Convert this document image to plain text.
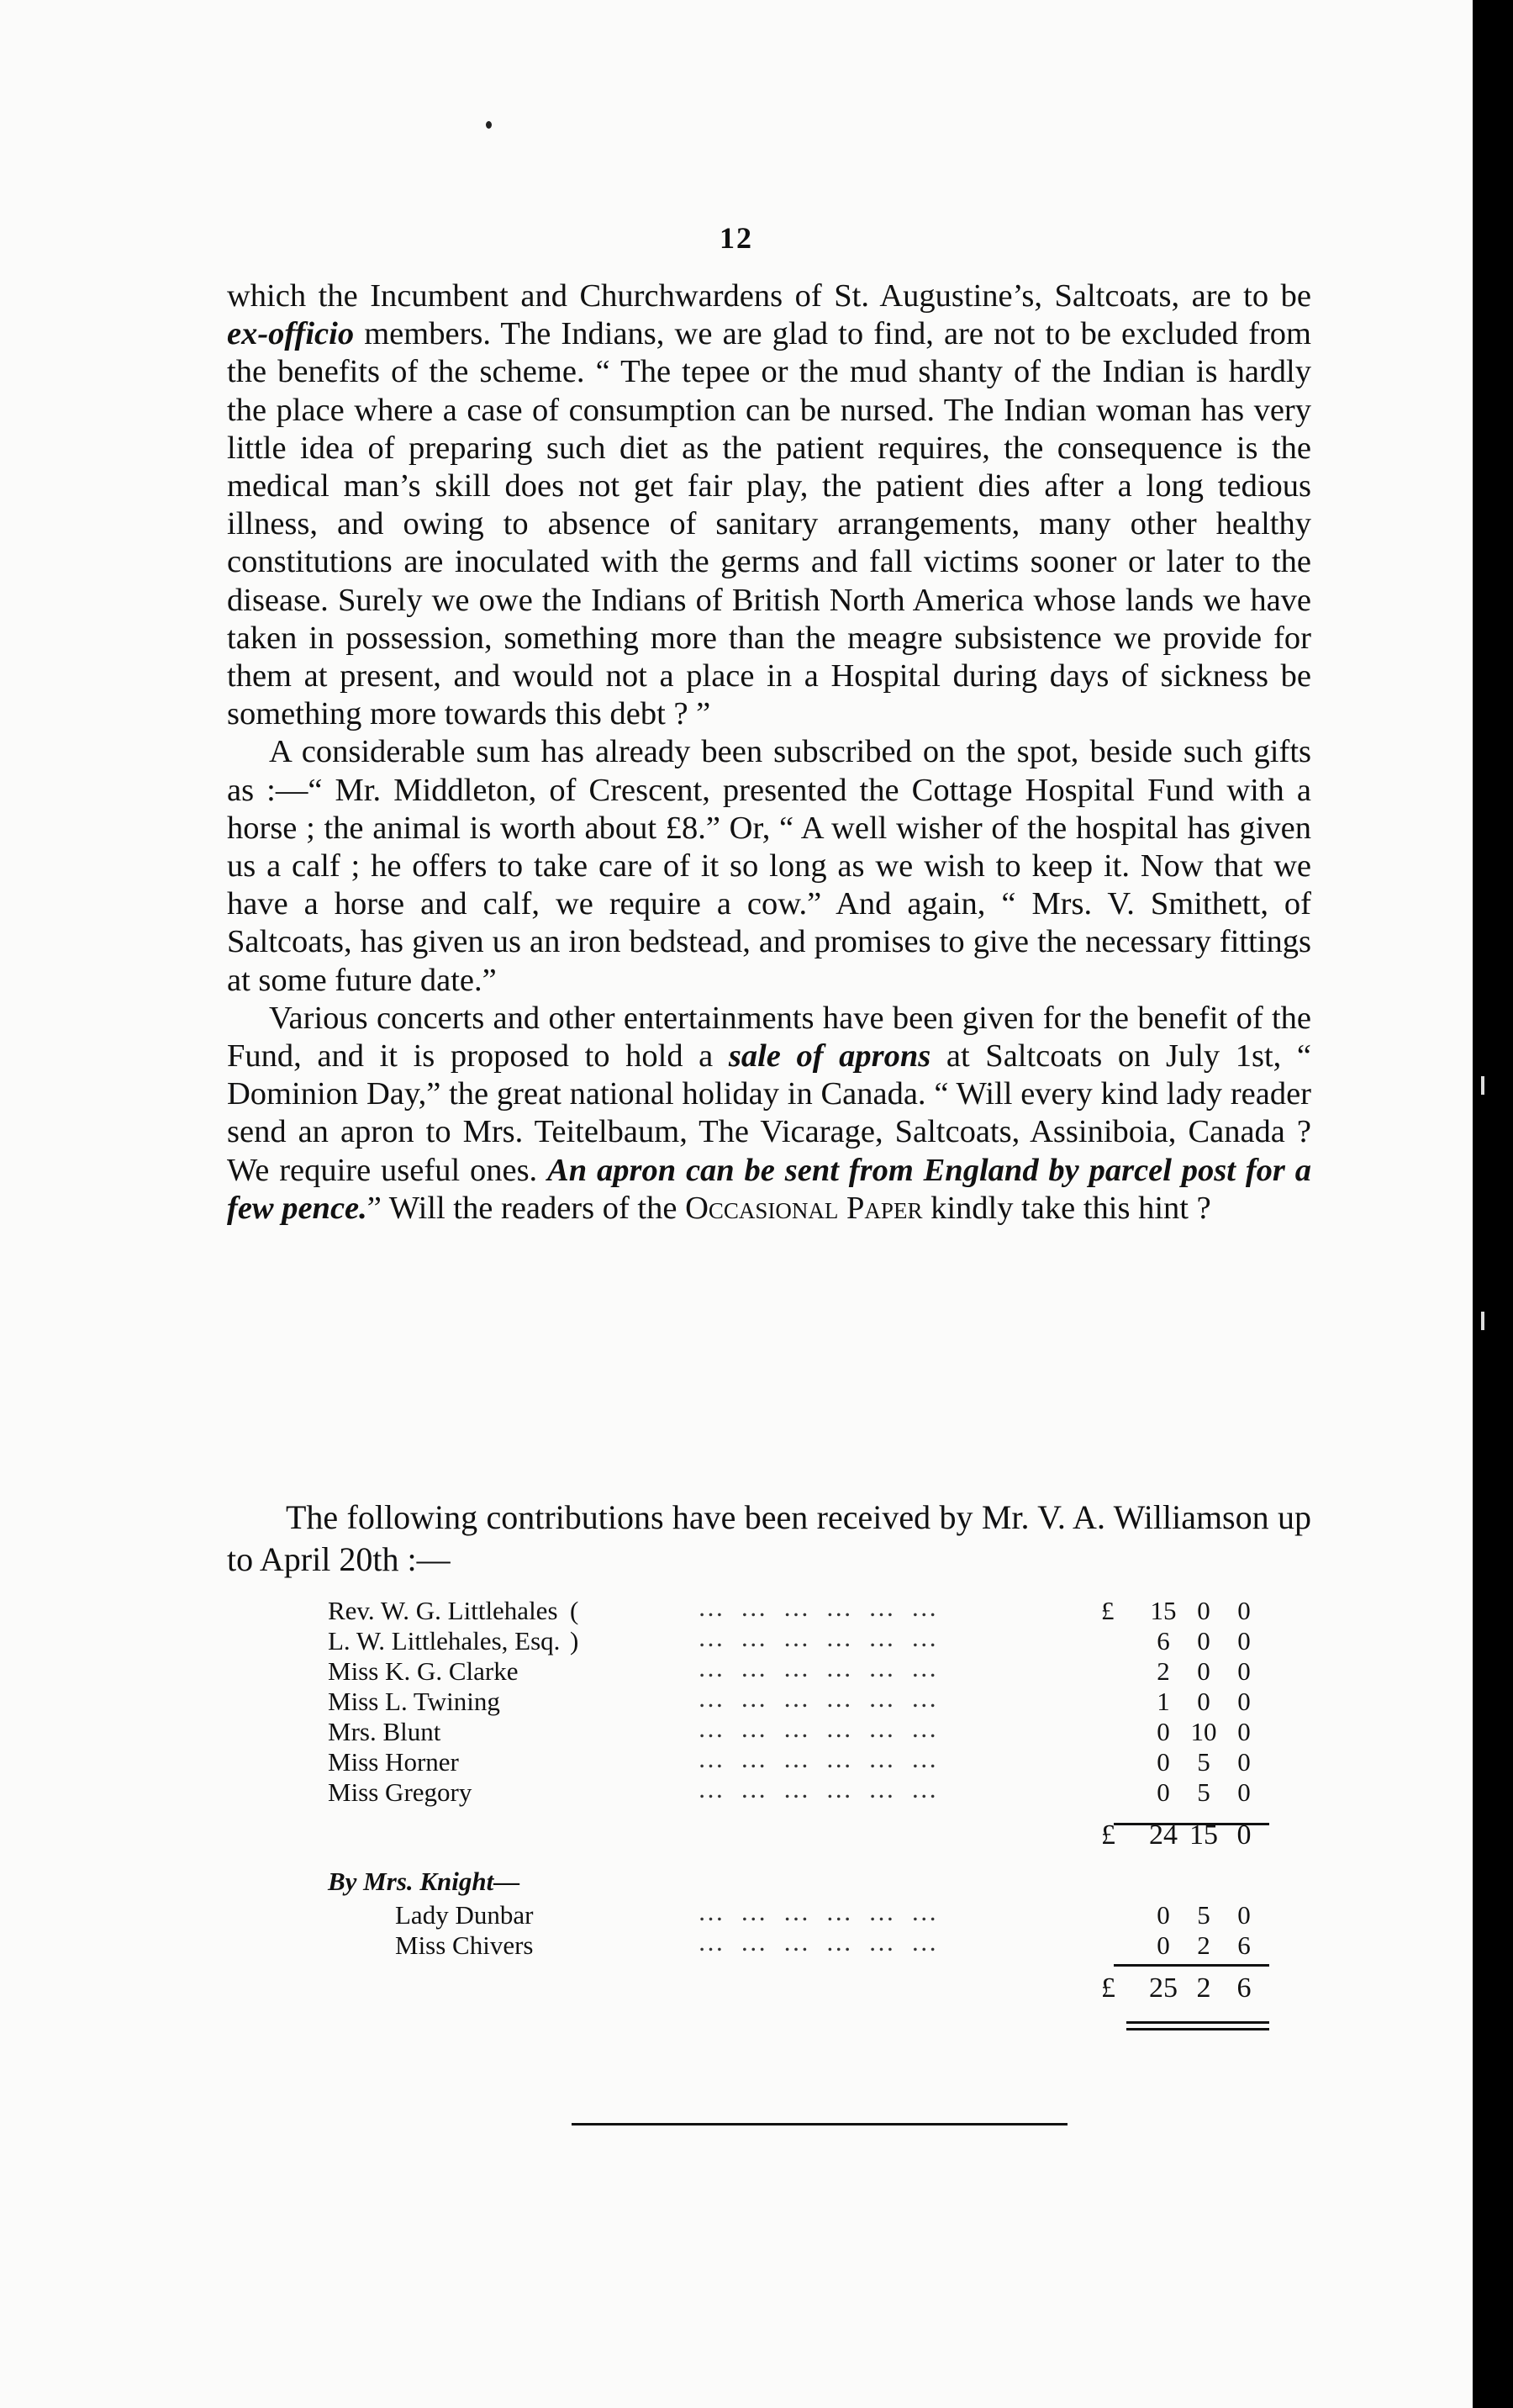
12

which the Incumbent and Churchwardens of St. Augustine’s, Saltcoats, are to be ex-officio members. The Indians, we are glad to find, are not to be excluded from the benefits of the scheme. “ The tepee or the mud shanty of the Indian is hardly the place where a case of consumption can be nursed. The Indian woman has very little idea of preparing such diet as the patient requires, the consequence is the medical man’s skill does not get fair play, the patient dies after a long tedious illness, and owing to absence of sanitary arrangements, many other healthy constitutions are inoculated with the germs and fall victims sooner or later to the disease. Surely we owe the Indians of British North America whose lands we have taken in possession, something more than the meagre subsistence we provide for them at present, and would not a place in a Hospital during days of sickness be something more towards this debt ? ”

A considerable sum has already been subscribed on the spot, beside such gifts as :—“ Mr. Middleton, of Crescent, presented the Cottage Hospital Fund with a horse ; the animal is worth about £8.” Or, “ A well wisher of the hospital has given us a calf ; he offers to take care of it so long as we wish to keep it. Now that we have a horse and calf, we require a cow.” And again, “ Mrs. V. Smithett, of Saltcoats, has given us an iron bedstead, and promises to give the necessary fittings at some future date.”

Various concerts and other entertainments have been given for the benefit of the Fund, and it is proposed to hold a sale of aprons at Saltcoats on July 1st, “ Dominion Day,” the great national holiday in Canada. “ Will every kind lady reader send an apron to Mrs. Teitelbaum, The Vicarage, Saltcoats, Assiniboia, Canada ? We require useful ones. An apron can be sent from England by parcel post for a few pence.” Will the readers of the Occasional Paper kindly take this hint ?

The following contributions have been received by Mr. V. A. Williamson up to April 20th :—

Rev. W. G. Littlehales (	… … … … … …	£ 15 0 0
L. W. Littlehales, Esq. )	… … … … … …	6 0 0
Miss K. G. Clarke	… … … … … …	2 0 0
Miss L. Twining	… … … … … …	1 0 0
Mrs. Blunt	… … … … … …	0 10 0
Miss Horner	… … … … … …	0 5 0
Miss Gregory	… … … … … …	0 5 0
£ 24 15 0
By Mrs. Knight—
Lady Dunbar	… … … … … …	0 5 0
Miss Chivers	… … … … … …	0 2 6
£ 25 2 6
